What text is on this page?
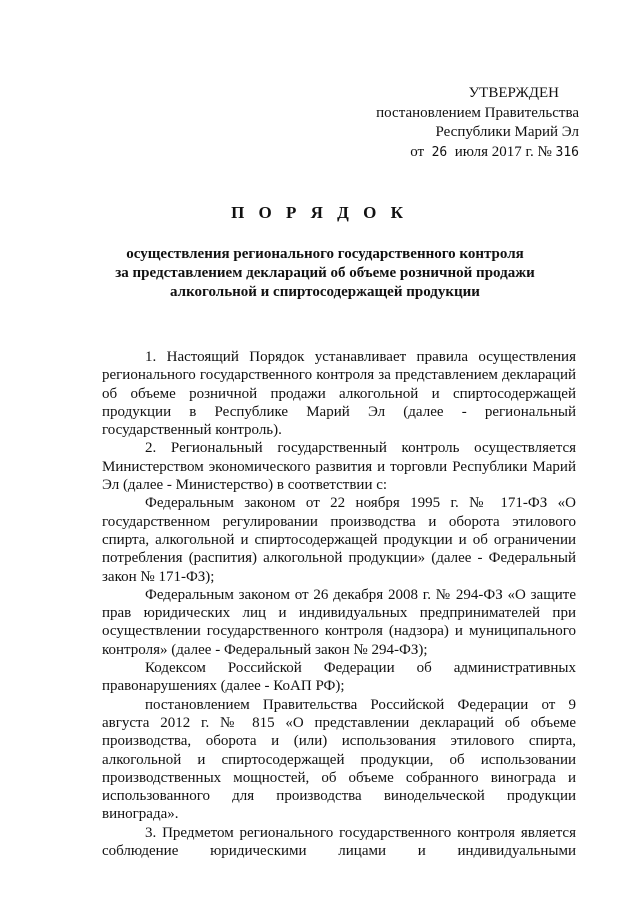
УТВЕРЖДЕН
постановлением Правительства
Республики Марий Эл
от 26 июля 2017 г. № 316
П О Р Я Д О К
осуществления регионального государственного контроля
за представлением деклараций об объеме розничной продажи
алкогольной и спиртосодержащей продукции

1. Настоящий Порядок устанавливает правила осуществления регионального государственного контроля за представлением деклараций об объеме розничной продажи алкогольной и спиртосодержащей продукции в Республике Марий Эл (далее - региональный государственный контроль).

2. Региональный государственный контроль осуществляется Министерством экономического развития и торговли Республики Марий Эл (далее - Министерство) в соответствии с:

Федеральным законом от 22 ноября 1995 г. № 171-ФЗ «О государственном регулировании производства и оборота этилового спирта, алкогольной и спиртосодержащей продукции и об ограничении потребления (распития) алкогольной продукции» (далее - Федеральный закон № 171-ФЗ);

Федеральным законом от 26 декабря 2008 г. № 294-ФЗ «О защите прав юридических лиц и индивидуальных предпринимателей при осуществлении государственного контроля (надзора) и муниципального контроля» (далее - Федеральный закон № 294-ФЗ);

Кодексом Российской Федерации об административных правонарушениях (далее - КоАП РФ);

постановлением Правительства Российской Федерации от 9 августа 2012 г. № 815 «О представлении деклараций об объеме производства, оборота и (или) использования этилового спирта, алкогольной и спиртосодержащей продукции, об использовании производственных мощностей, об объеме собранного винограда и использованного для производства винодельческой продукции винограда».

3. Предметом регионального государственного контроля является соблюдение юридическими лицами и индивидуальными
